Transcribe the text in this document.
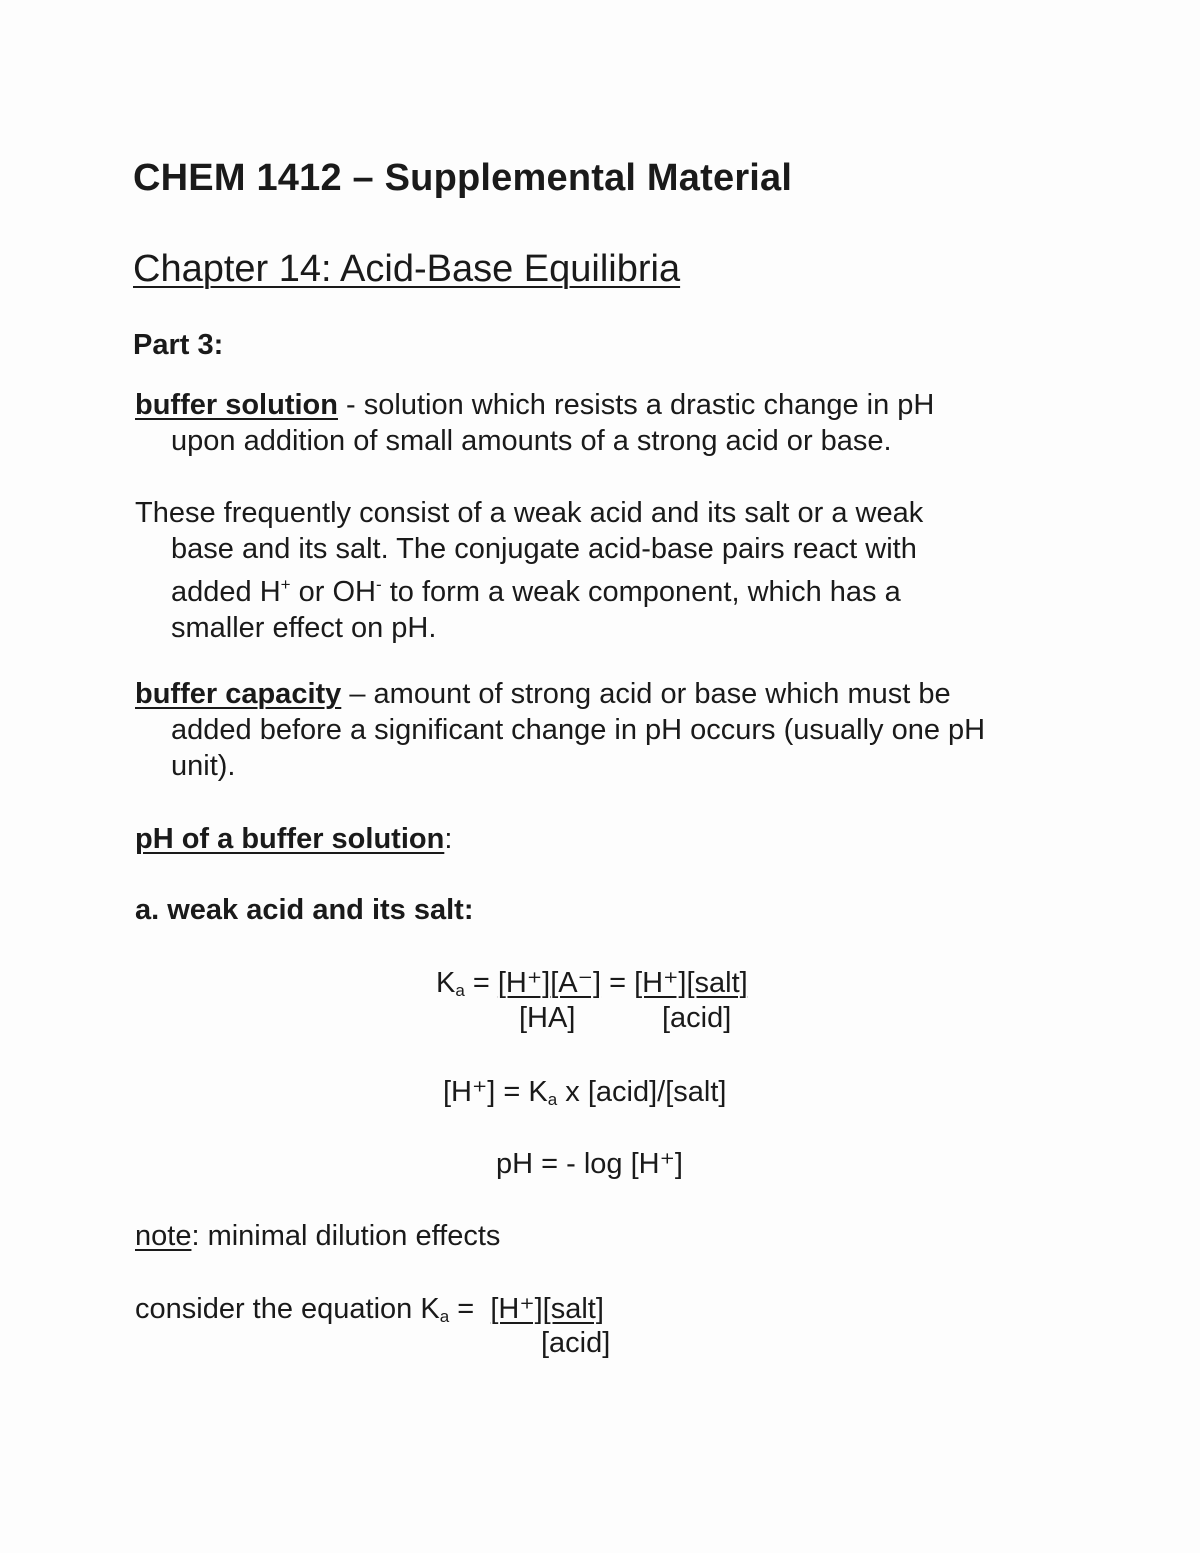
CHEM 1412 – Supplemental Material
Chapter 14: Acid-Base Equilibria
Part 3:
buffer solution - solution which resists a drastic change in pH
upon addition of small amounts of a strong acid or base.
These frequently consist of a weak acid and its salt or a weak
base and its salt. The conjugate acid-base pairs react with
added H+ or OH- to form a weak component, which has a
smaller effect on pH.
buffer capacity – amount of strong acid or base which must be
added before a significant change in pH occurs (usually one pH
unit).
pH of a buffer solution:
a. weak acid and its salt:
$K_a = [H^+][A^-]$ = [H⁺][salt]
[HA]	[acid]
$[H^+] = K_a$ x [acid]/[salt]
pH = - log [H⁺]
note: minimal dilution effects
consider the equation $K_a$ =  [H⁺][salt]
[acid]
